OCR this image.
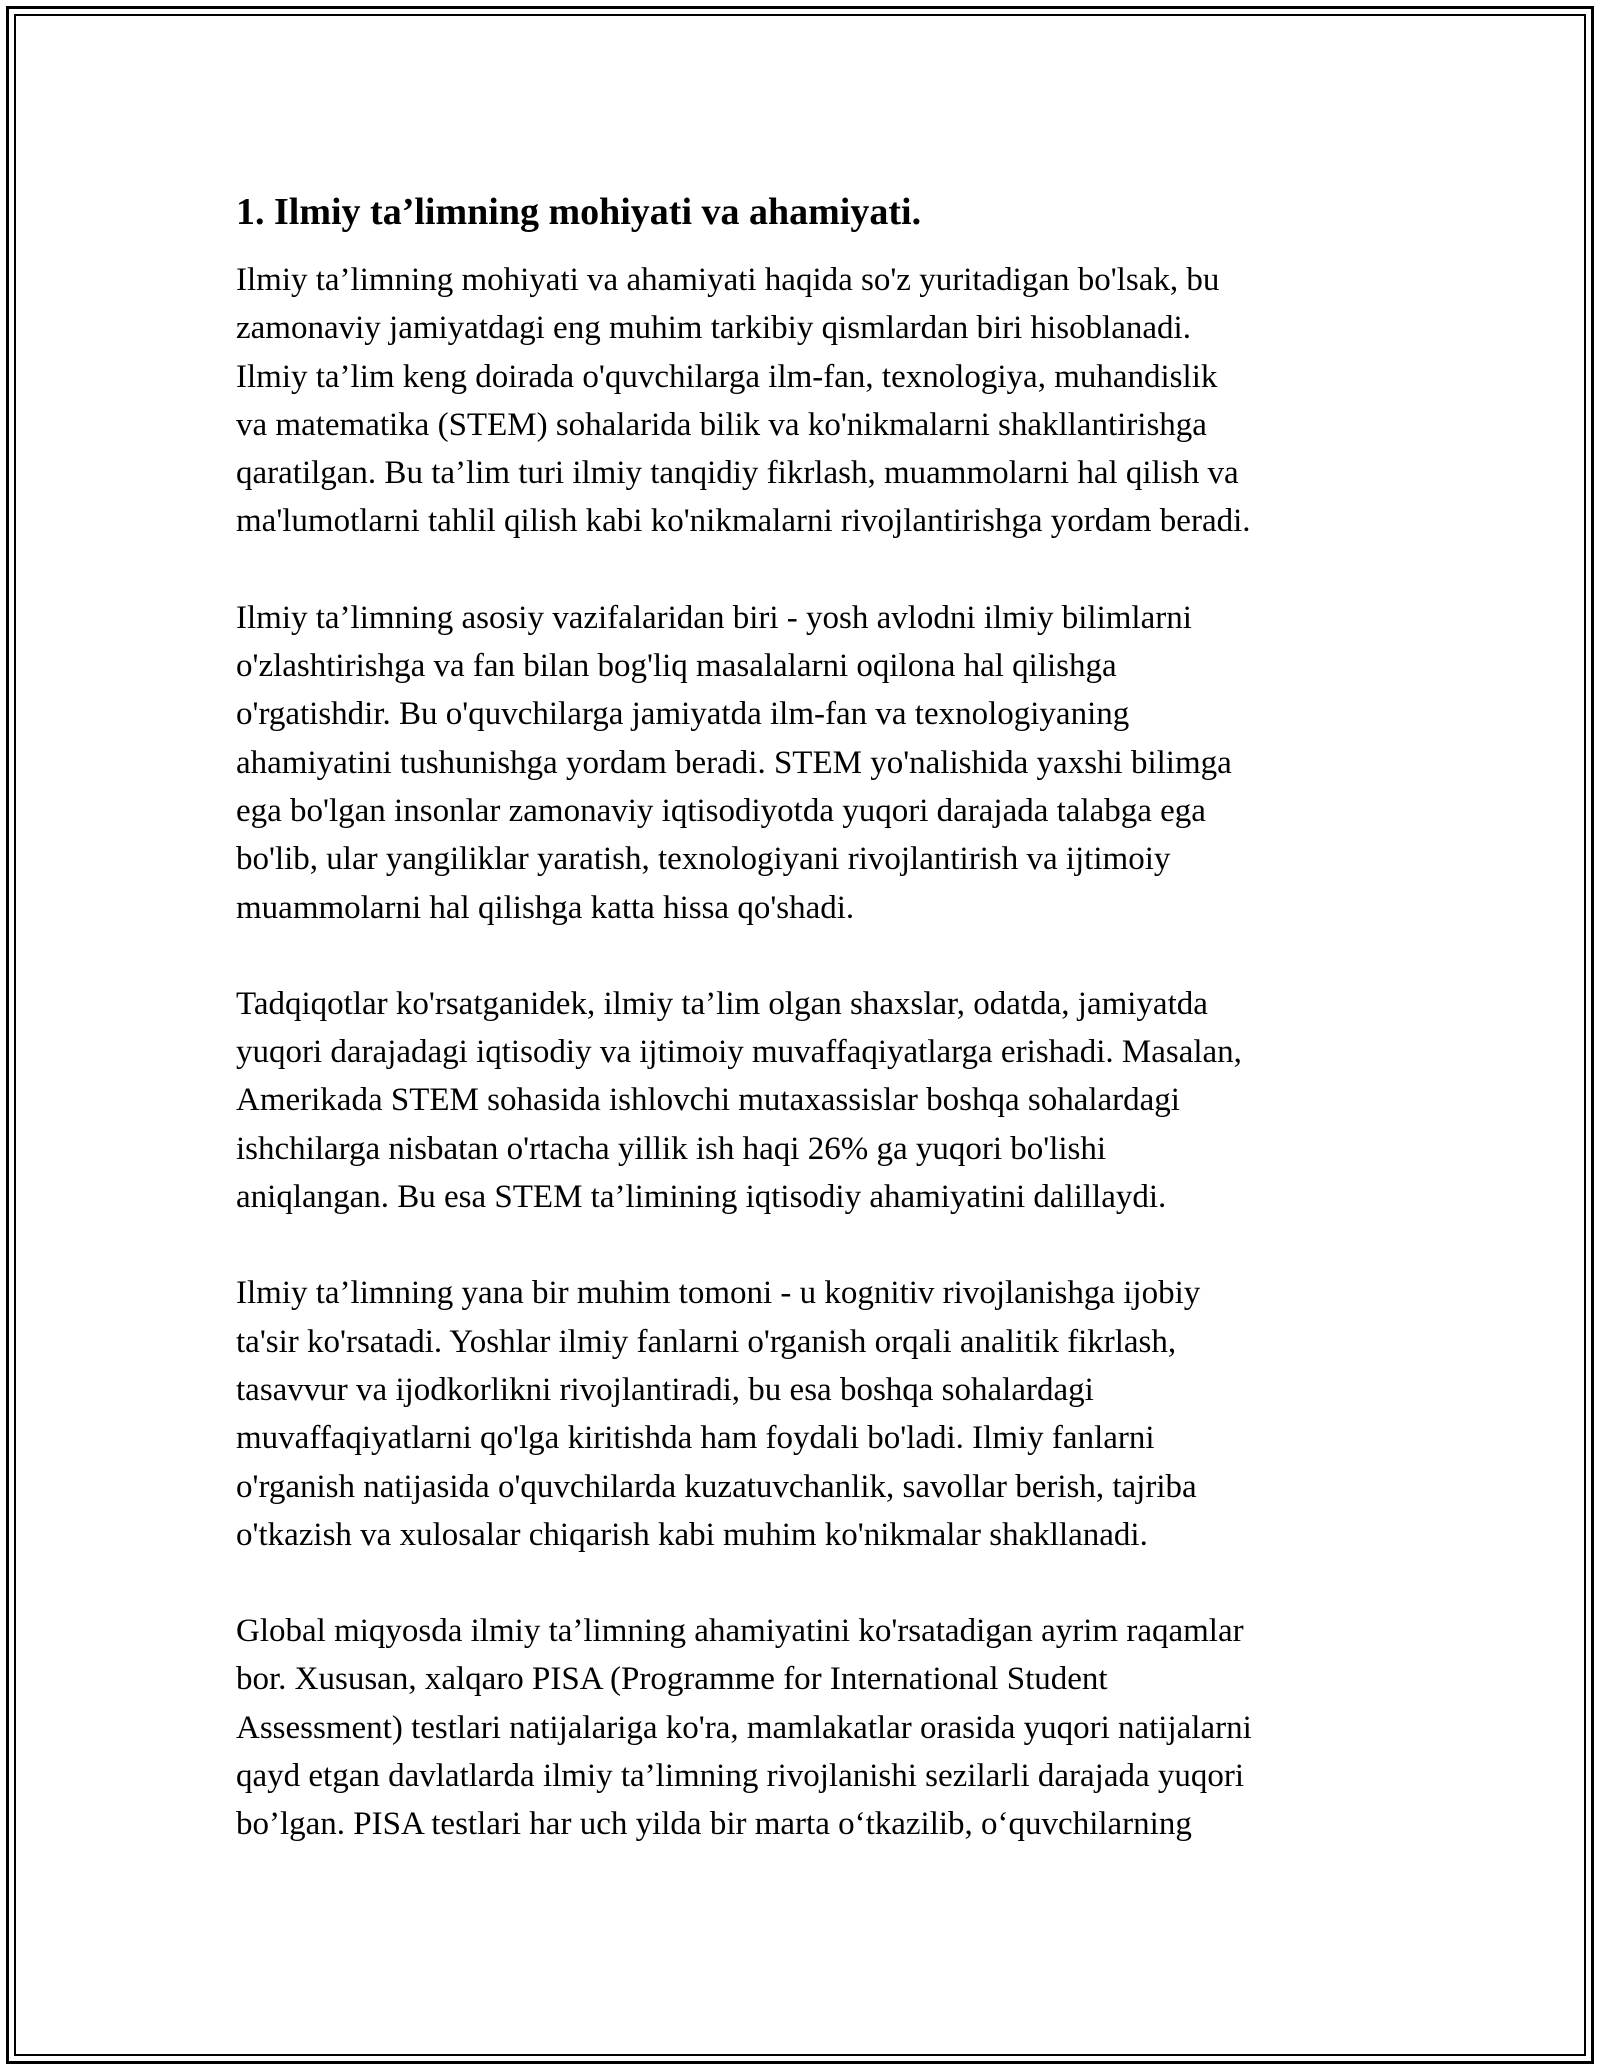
1. Ilmiy ta’limning mohiyati va ahamiyati.

Ilmiy ta’limning mohiyati va ahamiyati haqida so'z yuritadigan bo'lsak, bu
zamonaviy jamiyatdagi eng muhim tarkibiy qismlardan biri hisoblanadi.
Ilmiy ta’lim keng doirada o'quvchilarga ilm-fan, texnologiya, muhandislik
va matematika (STEM) sohalarida bilik va ko'nikmalarni shakllantirishga
qaratilgan. Bu ta’lim turi ilmiy tanqidiy fikrlash, muammolarni hal qilish va
ma'lumotlarni tahlil qilish kabi ko'nikmalarni rivojlantirishga yordam beradi.

Ilmiy ta’limning asosiy vazifalaridan biri - yosh avlodni ilmiy bilimlarni
o'zlashtirishga va fan bilan bog'liq masalalarni oqilona hal qilishga
o'rgatishdir. Bu o'quvchilarga jamiyatda ilm-fan va texnologiyaning
ahamiyatini tushunishga yordam beradi. STEM yo'nalishida yaxshi bilimga
ega bo'lgan insonlar zamonaviy iqtisodiyotda yuqori darajada talabga ega
bo'lib, ular yangiliklar yaratish, texnologiyani rivojlantirish va ijtimoiy
muammolarni hal qilishga katta hissa qo'shadi.

Tadqiqotlar ko'rsatganidek, ilmiy ta’lim olgan shaxslar, odatda, jamiyatda
yuqori darajadagi iqtisodiy va ijtimoiy muvaffaqiyatlarga erishadi. Masalan,
Amerikada STEM sohasida ishlovchi mutaxassislar boshqa sohalardagi
ishchilarga nisbatan o'rtacha yillik ish haqi 26% ga yuqori bo'lishi
aniqlangan. Bu esa STEM ta’limining iqtisodiy ahamiyatini dalillaydi.

Ilmiy ta’limning yana bir muhim tomoni - u kognitiv rivojlanishga ijobiy
ta'sir ko'rsatadi. Yoshlar ilmiy fanlarni o'rganish orqali analitik fikrlash,
tasavvur va ijodkorlikni rivojlantiradi, bu esa boshqa sohalardagi
muvaffaqiyatlarni qo'lga kiritishda ham foydali bo'ladi. Ilmiy fanlarni
o'rganish natijasida o'quvchilarda kuzatuvchanlik, savollar berish, tajriba
o'tkazish va xulosalar chiqarish kabi muhim ko'nikmalar shakllanadi.

Global miqyosda ilmiy ta’limning ahamiyatini ko'rsatadigan ayrim raqamlar
bor. Xususan, xalqaro PISA (Programme for International Student
Assessment) testlari natijalariga ko'ra, mamlakatlar orasida yuqori natijalarni
qayd etgan davlatlarda ilmiy ta’limning rivojlanishi sezilarli darajada yuqori
bo’lgan. PISA testlari har uch yilda bir marta o‘tkazilib, o‘quvchilarning
